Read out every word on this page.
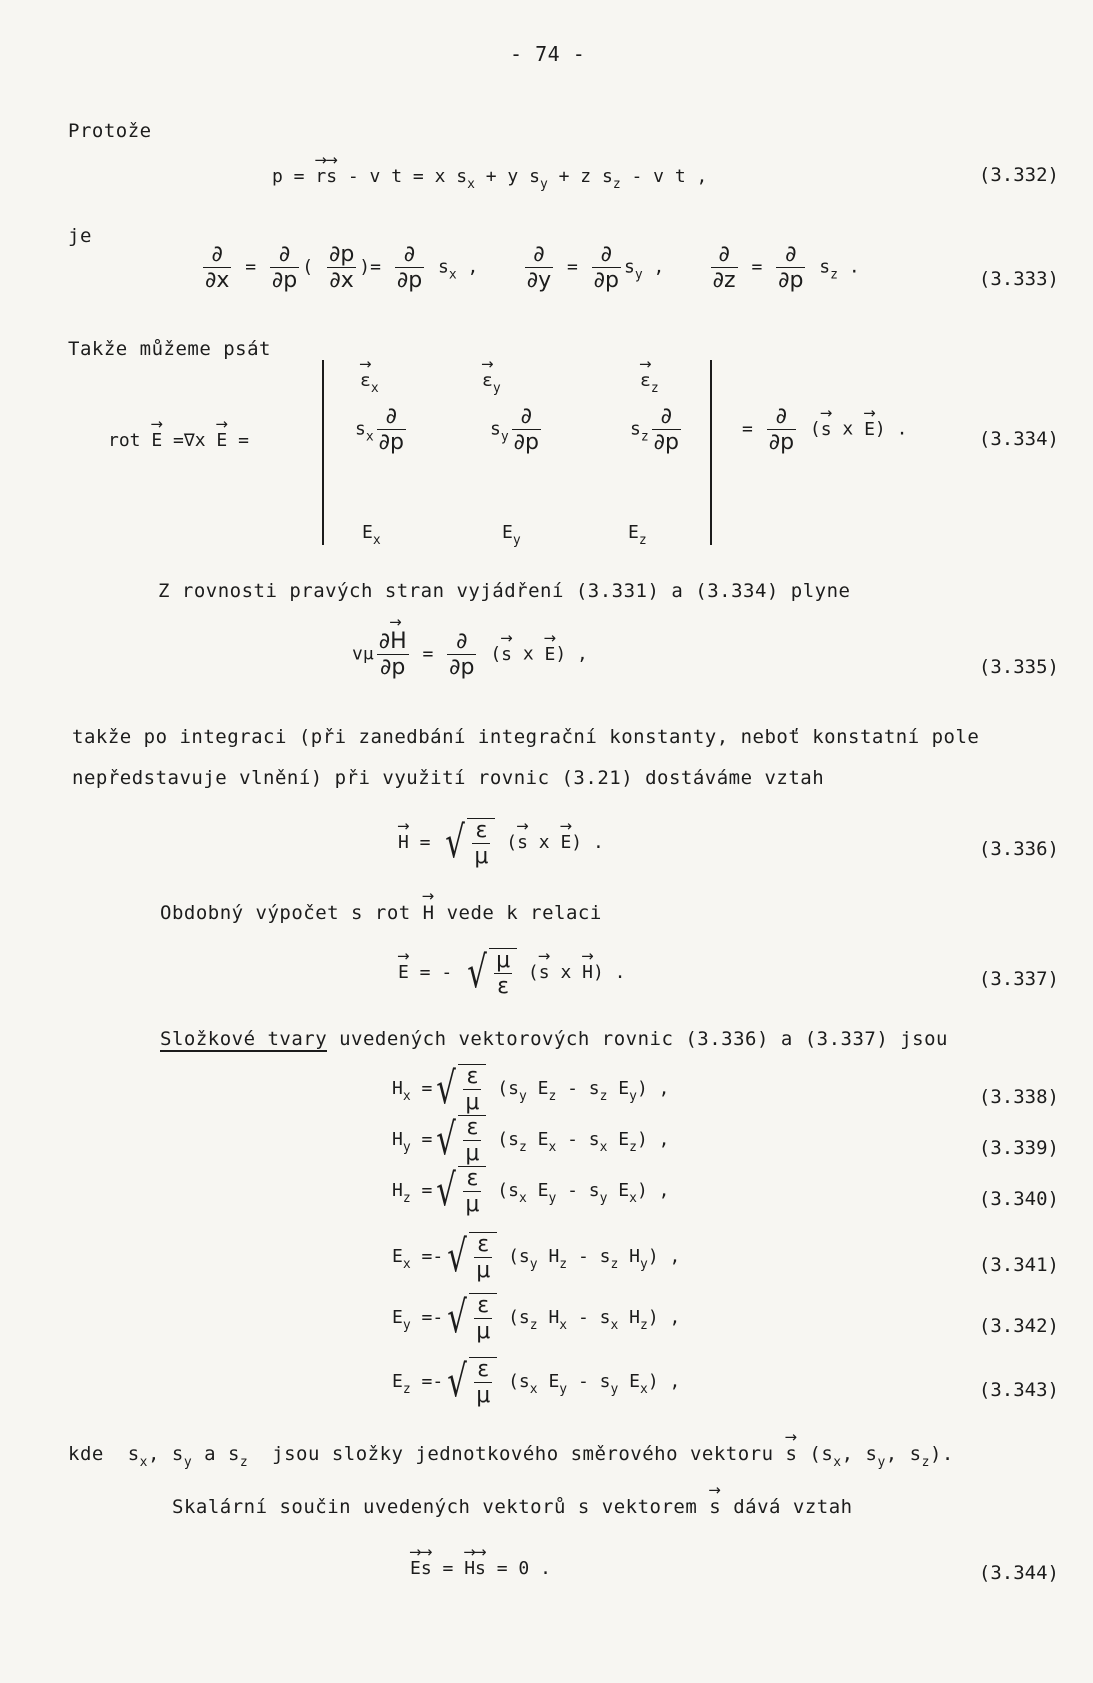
- 74 -
Protože
p = → r→ s - v t = x $s_x + y$ $s_y + z$ $s_z$ - v t ,	(3.332)
je
$\frac{\partial}{\partial x} = \frac{\partial}{\partial p}$ ( $\frac{\partial p}{\partial x}$ )= $\frac{\partial}{\partial p} s_x$ , $\frac{\partial}{\partial y} = \frac{\partial}{\partial p} s_y$ , $\frac{\partial}{\partial z} = \frac{\partial}{\partial p} s_z$ .
(3.333)
Takže můžeme psát
rot → E =∇x → E =
→ $\varepsilon_x$	→ $\varepsilon_y$	→ $\varepsilon_z$
$s_x \frac{\partial}{\partial p}$	$s_y \frac{\partial}{\partial p}$	$s_z \frac{\partial}{\partial p}$
$E_x$	$E_y$	$E_z$
= $\frac{\partial}{\partial p}$ (→ s x → E) .	(3.334)
Z rovnosti pravých stran vyjádření (3.331) a (3.334) plyne
vμ $\frac{\partial\to H}{\partial p} = \frac{\partial}{\partial p}$ (→ s x → E) ,
(3.335)
takže po integraci (při zanedbání integrační konstanty, neboť konstatní pole
nepředstavuje vlnění) při využití rovnic (3.21) dostáváme vztah
→ H = √ $\frac{\varepsilon}{\mu}$ (→ s x → E) .	(3.336)
Obdobný výpočet s rot → H vede k relaci
→ E = - √ $\frac{\mu}{\varepsilon}$ (→ s x → H) .	(3.337)
Složkové tvary uvedených vektorových rovnic (3.336) a (3.337) jsou
$H_x$ = √ $\frac{\varepsilon}{\mu} (s_y$ $E_z - s_z$ $E_y$) ,	(3.338)
$H_y$ = √ $\frac{\varepsilon}{\mu} (s_z$ $E_x - s_x$ $E_z$) ,	(3.339)
$H_z$ = √ $\frac{\varepsilon}{\mu} (s_x$ $E_y - s_y$ $E_x$) ,	(3.340)
$E_x$ =- √ $\frac{\varepsilon}{\mu} (s_y$ $H_z - s_z$ $H_y$) ,	(3.341)
$E_y$ =- √ $\frac{\varepsilon}{\mu} (s_z$ $H_x - s_x$ $H_z$) ,	(3.342)
$E_z$ =- √ $\frac{\varepsilon}{\mu} (s_x$ $E_y - s_y$ $E_x$) ,	(3.343)
kde  $s_x$, $s_y$ a $s_z$ jsou složky jednotkového směrového vektoru → s ($s_x$, $s_y$, $s_z$).
Skalární součin uvedených vektorů s vektorem → s dává vztah
→ E→ s = → H→ s = 0 .	(3.344)
